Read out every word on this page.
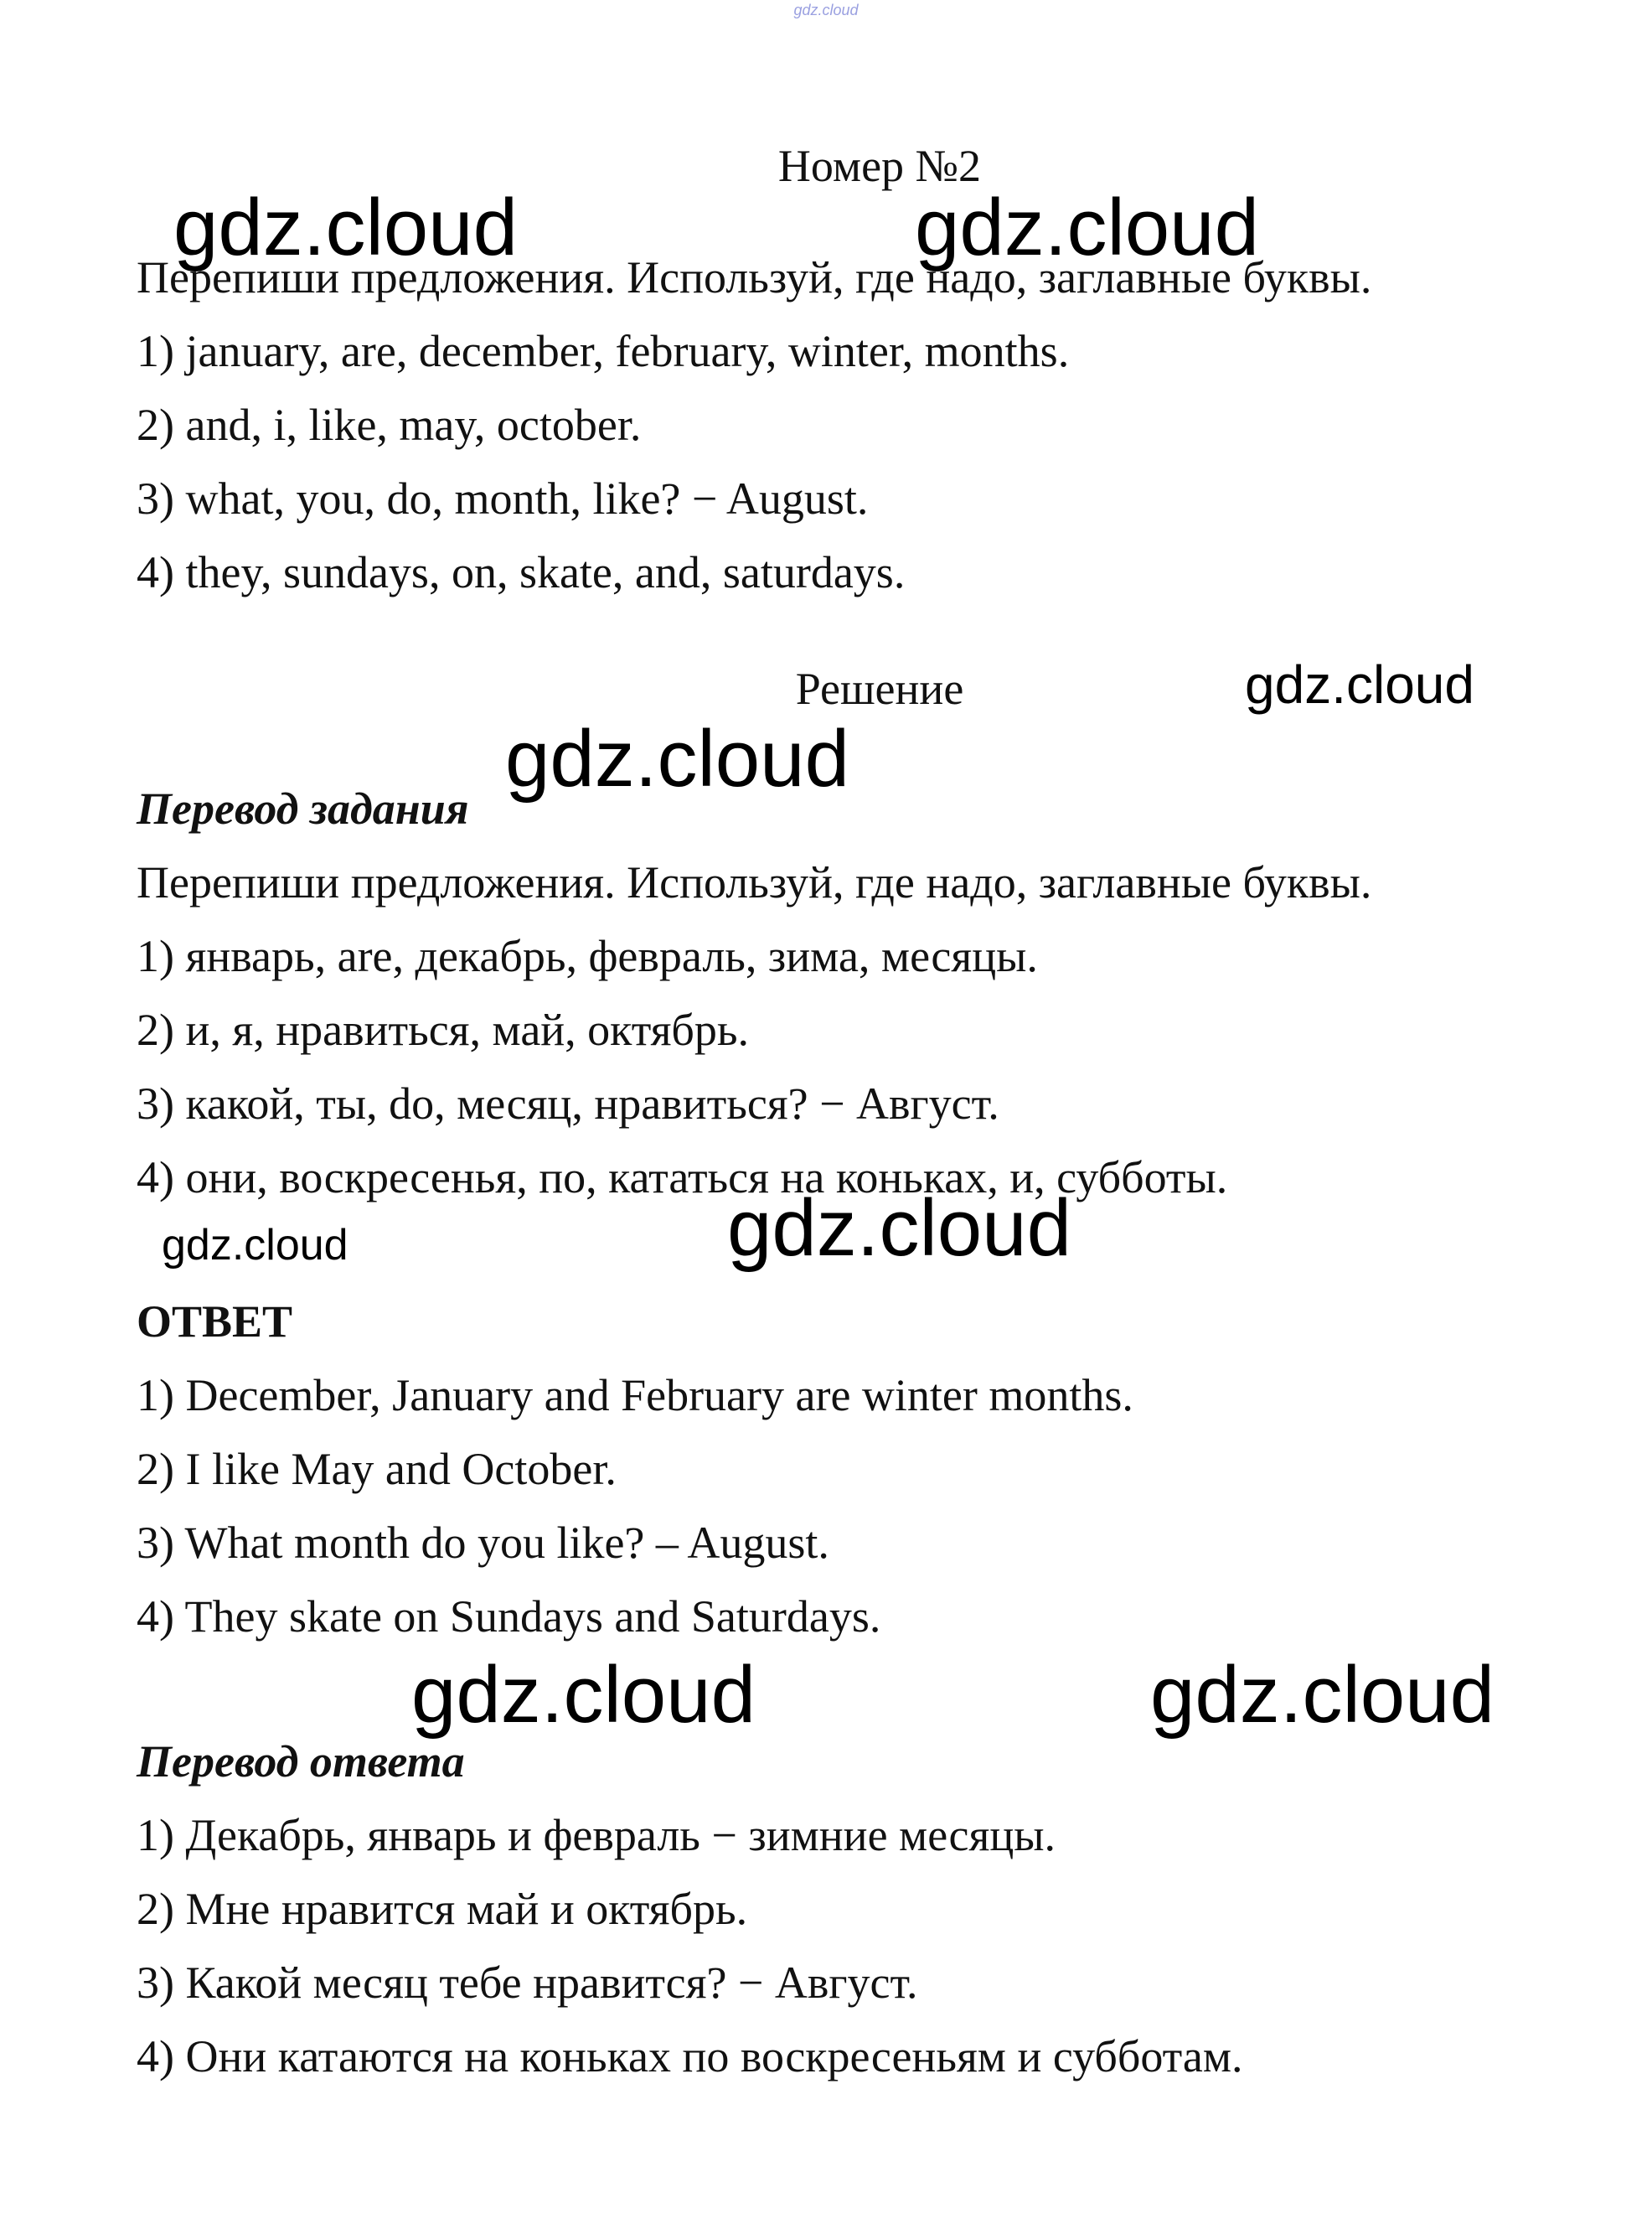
gdz.cloud
Номер №2
Перепиши предложения. Используй, где надо, заглавные буквы.
1) january, are, december, february, winter, months.
2) and, i, like, may, october.
3) what, you, do, month, like? − August.
4) they, sundays, on, skate, and, saturdays.
Решение
Перевод задания
Перепиши предложения. Используй, где надо, заглавные буквы.
1) январь, are, декабрь, февраль, зима, месяцы.
2) и, я, нравиться, май, октябрь.
3) какой, ты, do, месяц, нравиться? − Август.
4) они, воскресенья, по, кататься на коньках, и, субботы.
ОТВЕТ
1) December, January and February are winter months.
2) I like May and October.
3) What month do you like? – August.
4) They skate on Sundays and Saturdays.
Перевод ответа
1) Декабрь, январь и февраль − зимние месяцы.
2) Мне нравится май и октябрь.
3) Какой месяц тебе нравится? − Август.
4) Они катаются на коньках по воскресеньям и субботам.
gdz.cloud	gdz.cloud
gdz.cloud
gdz.cloud
gdz.cloud
gdz.cloud
gdz.cloud	gdz.cloud
